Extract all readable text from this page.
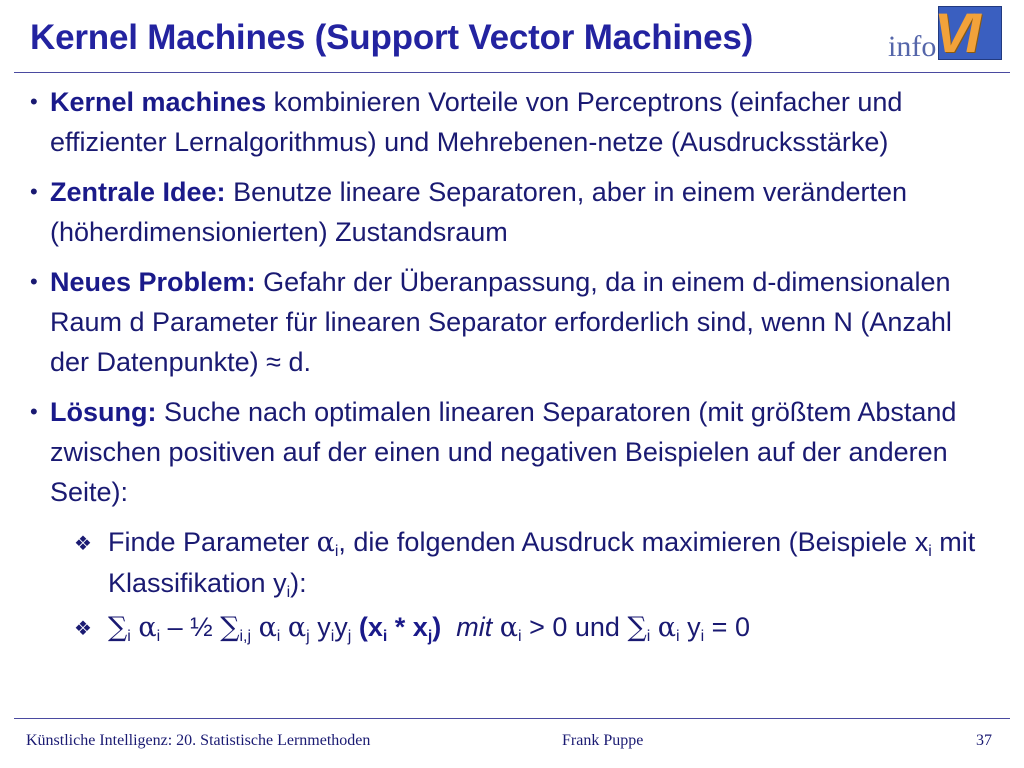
Kernel Machines (Support Vector Machines)	VI
info
• Kernel machines kombinieren Vorteile von Perceptrons (einfacher und effizienter Lernalgorithmus) und Mehrebenen-netze (Ausdrucksstärke)
• Zentrale Idee: Benutze lineare Separatoren, aber in einem veränderten (höherdimensionierten) Zustandsraum
• Neues Problem: Gefahr der Überanpassung, da in einem d-dimensionalen Raum d Parameter für linearen Separator erforderlich sind, wenn N (Anzahl der Datenpunkte) ≈ d.
• Lösung: Suche nach optimalen linearen Separatoren (mit größtem Abstand zwischen positiven auf der einen und negativen Beispielen auf der anderen Seite):
❖ Finde Parameter $\alpha_i$, die folgenden Ausdruck maximieren (Beispiele $x_i$ mit Klassifikation $y_i$):
❖ $\sum_i$ $\alpha_i$ – ½ $\sum_{i,j}$ $\alpha_i$ $\alpha_j$ $y_iy_j$ $(x_i * x_j)$ mit $\alpha_i > 0$ und $\sum_i$ $\alpha_i$ $y_i = 0$
Künstliche Intelligenz: 20. Statistische Lernmethoden	Frank Puppe	37
